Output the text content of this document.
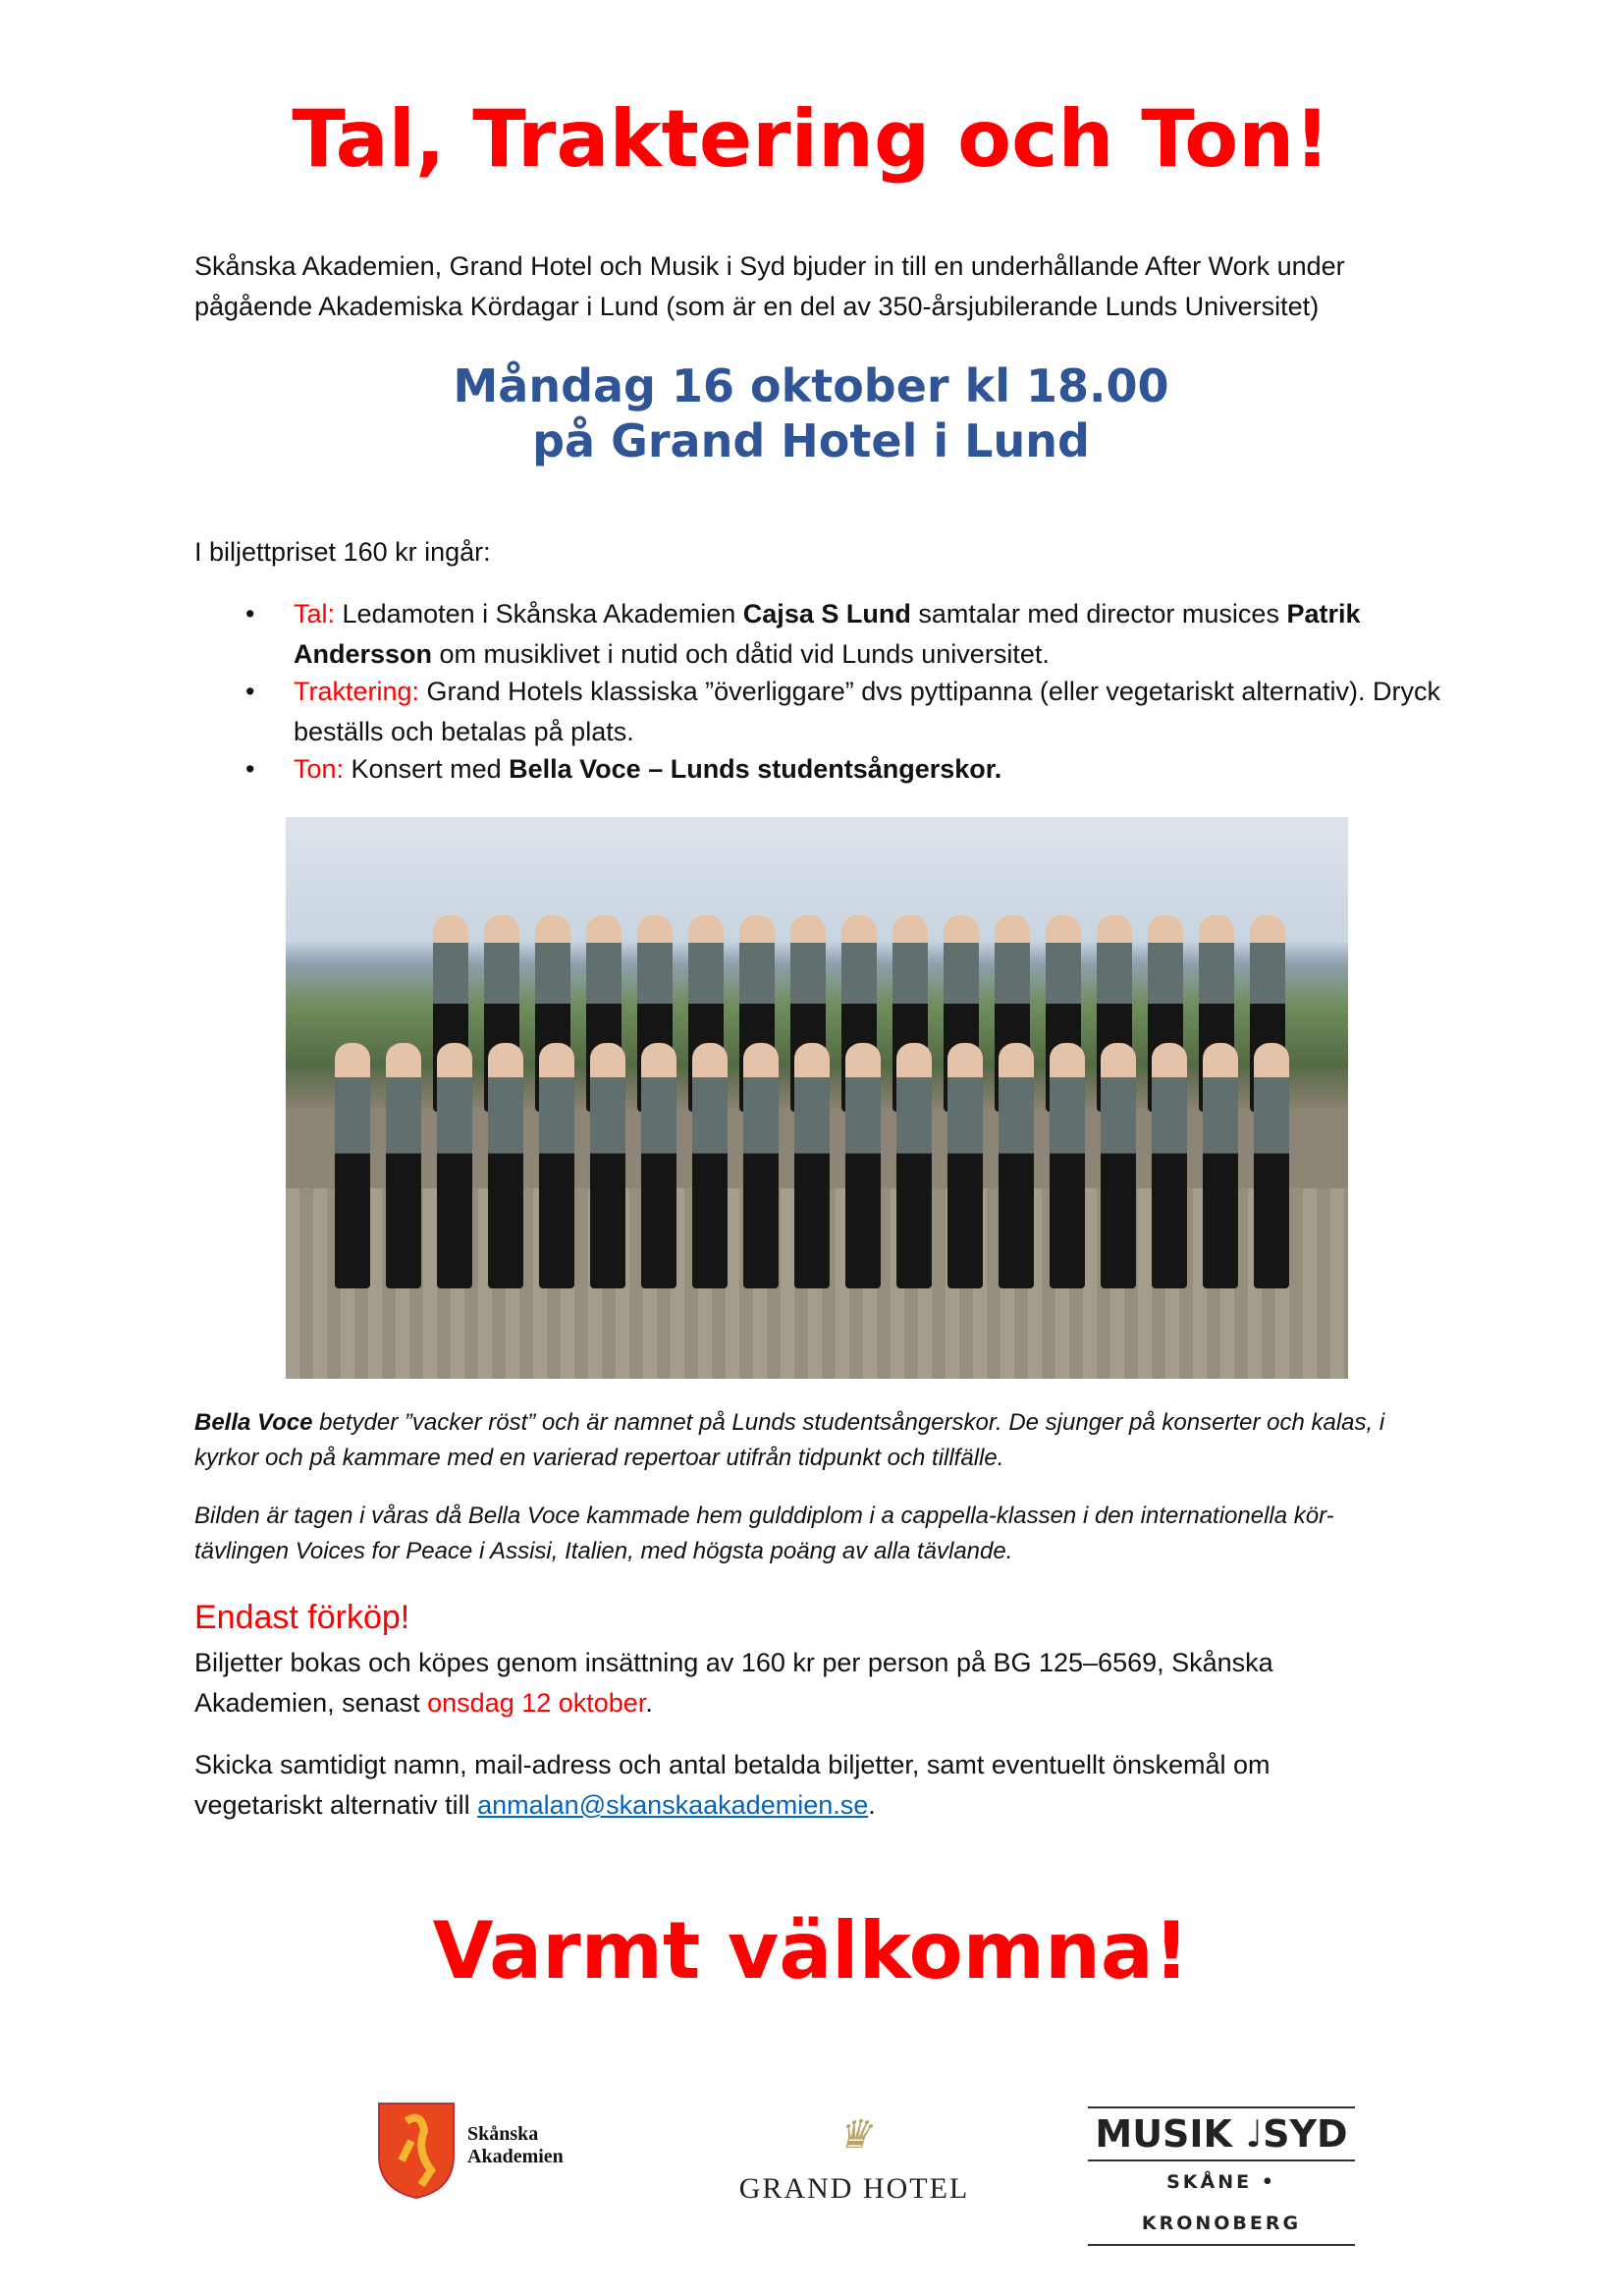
Tal, Traktering och Ton!
Skånska Akademien, Grand Hotel och Musik i Syd bjuder in till en underhållande After Work under pågående Akademiska Kördagar i Lund (som är en del av 350-årsjubilerande Lunds Universitet)
Måndag 16 oktober kl 18.00
på Grand Hotel i Lund
I biljettpriset 160 kr ingår:
• Tal: Ledamoten i Skånska Akademien Cajsa S Lund samtalar med director musices Patrik Andersson om musiklivet i nutid och dåtid vid Lunds universitet.
• Traktering: Grand Hotels klassiska ”överliggare” dvs pyttipanna (eller vegetariskt alternativ). Dryck beställs och betalas på plats.
• Ton: Konsert med Bella Voce – Lunds studentsångerskor.
Bella Voce betyder ”vacker röst” och är namnet på Lunds studentsångerskor. De sjunger på konserter och kalas, i kyrkor och på kammare med en varierad repertoar utifrån tidpunkt och tillfälle.
Bilden är tagen i våras då Bella Voce kammade hem gulddiplom i a cappella-klassen i den internationella kör-tävlingen Voices for Peace i Assisi, Italien, med högsta poäng av alla tävlande.
Endast förköp!
Biljetter bokas och köpes genom insättning av 160 kr per person på BG 125–6569, Skånska Akademien, senast onsdag 12 oktober.
Skicka samtidigt namn, mail-adress och antal betalda biljetter, samt eventuellt önskemål om vegetariskt alternativ till anmalan@skanskaakademien.se.
Varmt välkomna!
Skånska
Akademien	♛
GRAND HOTEL
MUSIK ♩SYD
SKÅNE • KRONOBERG
